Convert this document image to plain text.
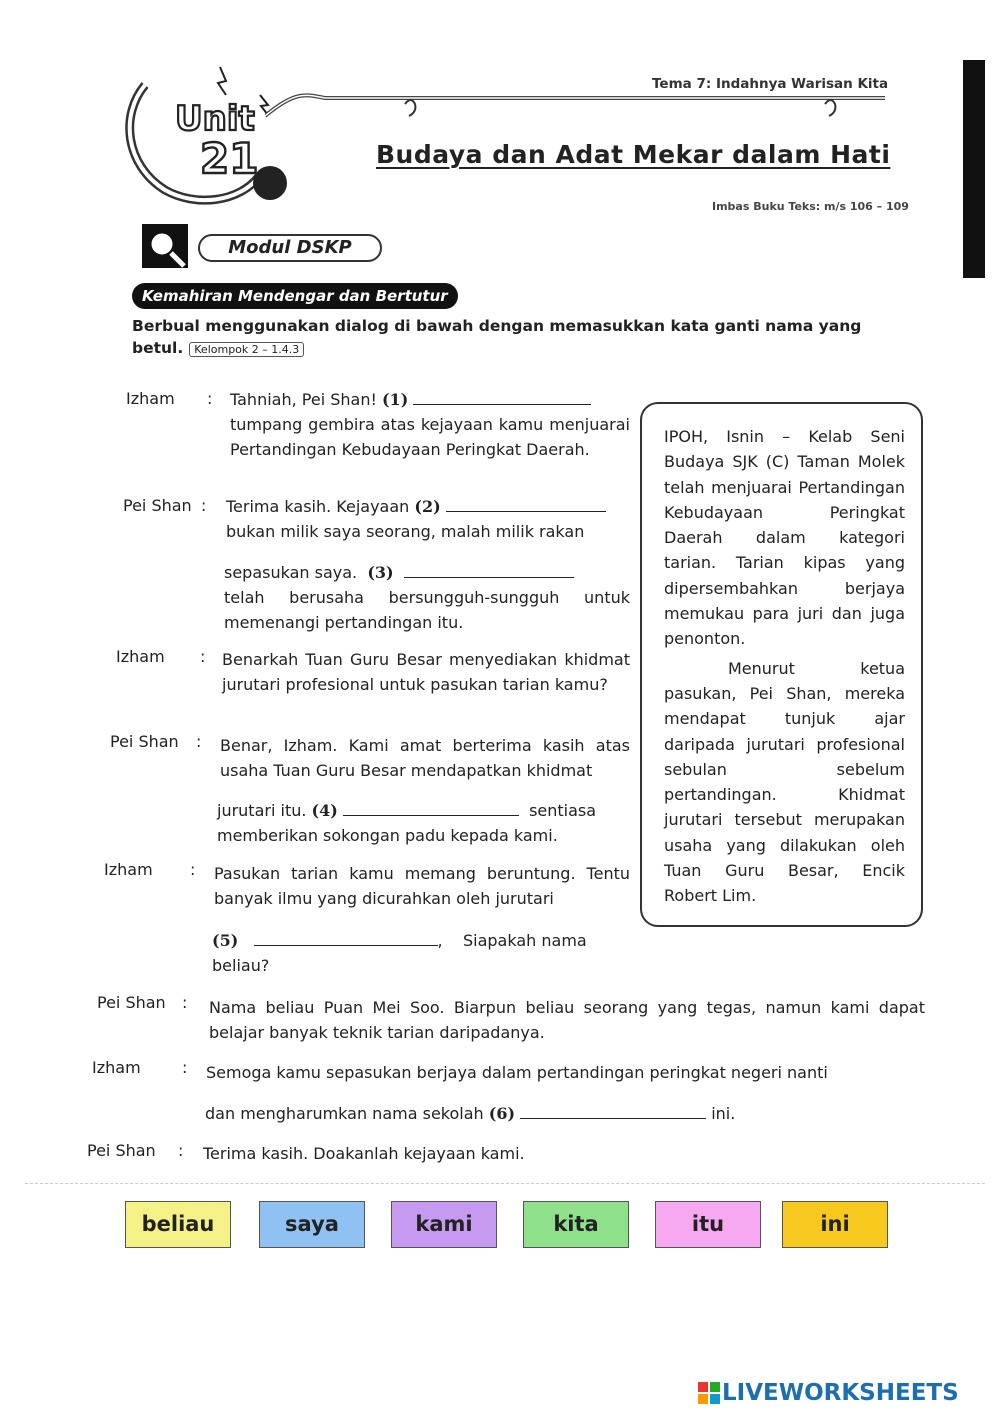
Unit
21
Tema 7: Indahnya Warisan Kita
Budaya dan Adat Mekar dalam Hati
Imbas Buku Teks: m/s 106 – 109
Modul DSKP
Kemahiran Mendengar dan Bertutur
Berbual menggunakan dialog di bawah dengan memasukkan kata ganti nama yang betul. Kelompok 2 – 1.4.3
Izham : Tahniah, Pei Shan! (1)
tumpang gembira atas kejayaan kamu menjuarai Pertandingan Kebudayaan Peringkat Daerah.
Pei Shan : Terima kasih. Kejayaan (2)
bukan milik saya seorang, malah milik rakan
sepasukan saya. (3)
telah berusaha bersungguh-sungguh untuk memenangi pertandingan itu.
Izham : Benarkah Tuan Guru Besar menyediakan khidmat jurutari profesional untuk pasukan tarian kamu?
Pei Shan : Benar, Izham. Kami amat berterima kasih atas usaha Tuan Guru Besar mendapatkan khidmat
jurutari itu. (4)	sentiasa
memberikan sokongan padu kepada kami.
Izham : Pasukan tarian kamu memang beruntung. Tentu banyak ilmu yang dicurahkan oleh jurutari
(5)	,    Siapakah nama
beliau?

IPOH, Isnin – Kelab Seni Budaya SJK (C) Taman Molek telah menjuarai Pertandingan Kebudayaan Peringkat Daerah dalam kategori tarian. Tarian kipas yang dipersembahkan berjaya memukau para juri dan juga penonton.

Menurut ketua pasukan, Pei Shan, mereka mendapat tunjuk ajar daripada jurutari profesional sebulan sebelum pertandingan. Khidmat jurutari tersebut merupakan usaha yang dilakukan oleh Tuan Guru Besar, Encik Robert Lim.

Pei Shan : Nama beliau Puan Mei Soo. Biarpun beliau seorang yang tegas, namun kami dapat belajar banyak teknik tarian daripadanya.
Izham	: Semoga kamu sepasukan berjaya dalam pertandingan peringkat negeri nanti
dan mengharumkan nama sekolah (6)	ini.
Pei Shan : Terima kasih. Doakanlah kejayaan kami.
beliau	saya	kami	kita	itu	ini
LIVEWORKSHEETS
